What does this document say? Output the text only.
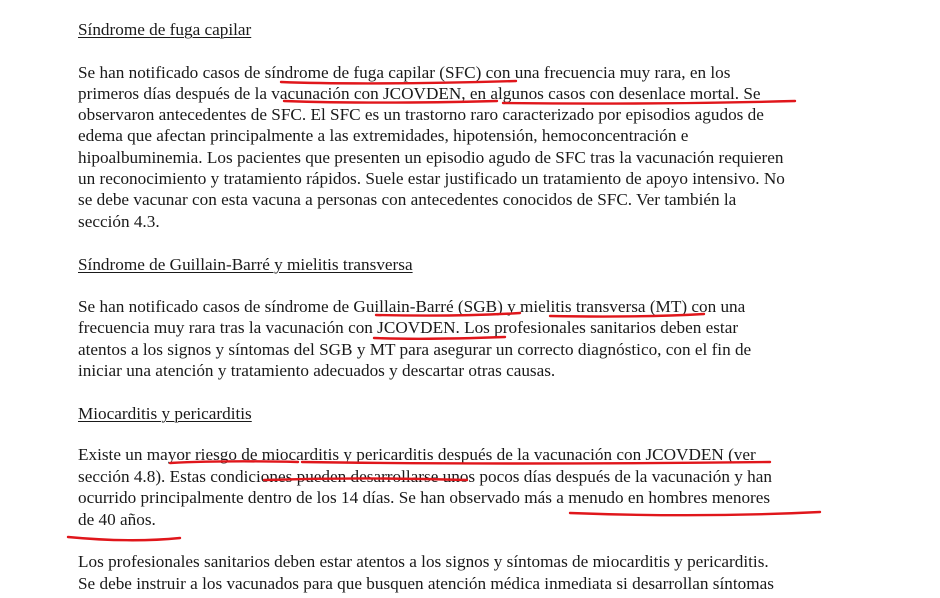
Síndrome de fuga capilar
Se han notificado casos de síndrome de fuga capilar (SFC) con una frecuencia muy rara, en los
primeros días después de la vacunación con JCOVDEN, en algunos casos con desenlace mortal. Se
observaron antecedentes de SFC. El SFC es un trastorno raro caracterizado por episodios agudos de
edema que afectan principalmente a las extremidades, hipotensión, hemoconcentración e
hipoalbuminemia. Los pacientes que presenten un episodio agudo de SFC tras la vacunación requieren
un reconocimiento y tratamiento rápidos. Suele estar justificado un tratamiento de apoyo intensivo. No
se debe vacunar con esta vacuna a personas con antecedentes conocidos de SFC. Ver también la
sección 4.3.
Síndrome de Guillain-Barré y mielitis transversa
Se han notificado casos de síndrome de Guillain-Barré (SGB) y mielitis transversa (MT) con una
frecuencia muy rara tras la vacunación con JCOVDEN. Los profesionales sanitarios deben estar
atentos a los signos y síntomas del SGB y MT para asegurar un correcto diagnóstico, con el fin de
iniciar una atención y tratamiento adecuados y descartar otras causas.
Miocarditis y pericarditis
Existe un mayor riesgo de miocarditis y pericarditis después de la vacunación con JCOVDEN (ver
sección 4.8). Estas condiciones pueden desarrollarse unos pocos días después de la vacunación y han
ocurrido principalmente dentro de los 14 días. Se han observado más a menudo en hombres menores
de 40 años.
Los profesionales sanitarios deben estar atentos a los signos y síntomas de miocarditis y pericarditis.
Se debe instruir a los vacunados para que busquen atención médica inmediata si desarrollan síntomas
